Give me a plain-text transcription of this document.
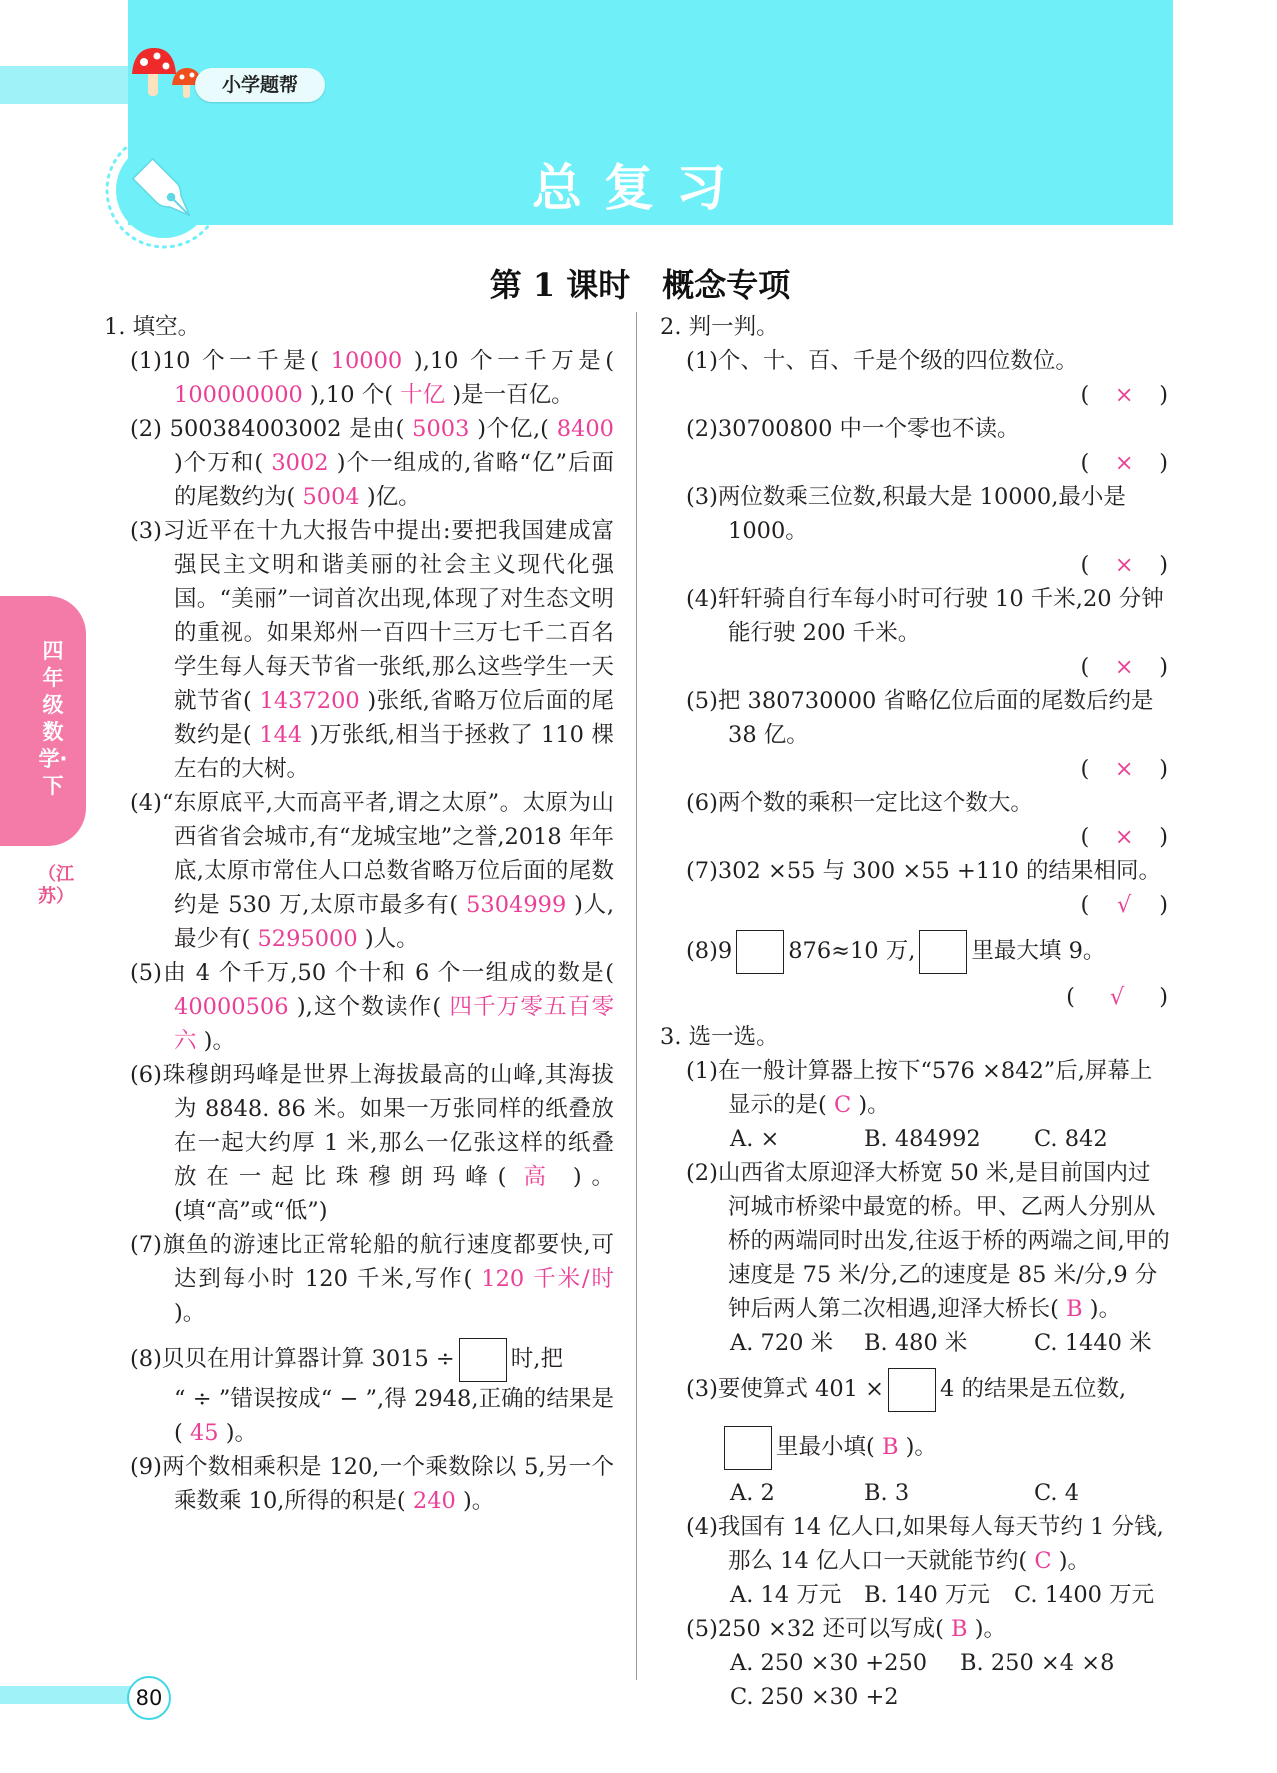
小学题帮
总复习
四年级数学·下
（江苏）
第 1 课时　概念专项

1. 填空。

(1)10 个一千是( 10000 ),10 个一千万是( 100000000 ),10 个( 十亿 )是一百亿。

(2) 500384003002 是由( 5003 )个亿,( 8400 )个万和( 3002 )个一组成的,省略“亿”后面的尾数约为( 5004 )亿。

(3)习近平在十九大报告中提出:要把我国建成富强民主文明和谐美丽的社会主义现代化强国。“美丽”一词首次出现,体现了对生态文明的重视。如果郑州一百四十三万七千二百名学生每人每天节省一张纸,那么这些学生一天就节省( 1437200 )张纸,省略万位后面的尾数约是( 144 )万张纸,相当于拯救了 110 棵左右的大树。

(4)“东原底平,大而高平者,谓之太原”。太原为山西省省会城市,有“龙城宝地”之誉,2018 年年底,太原市常住人口总数省略万位后面的尾数约是 530 万,太原市最多有( 5304999 )人,最少有( 5295000 )人。

(5)由 4 个千万,50 个十和 6 个一组成的数是( 40000506 ),这个数读作( 四千万零五百零六 )。

(6)珠穆朗玛峰是世界上海拔最高的山峰,其海拔为 8848. 86 米。如果一万张同样的纸叠放在一起大约厚 1 米,那么一亿张这样的纸叠放在一起比珠穆朗玛峰( 高 )。(填“高”或“低”)

(7)旗鱼的游速比正常轮船的航行速度都要快,可达到每小时 120 千米,写作( 120 千米/时 )。

(8)贝贝在用计算器计算 3015 ÷ 时,把

“ ÷ ”错误按成“ − ”,得 2948,正确的结果是( 45 )。

(9)两个数相乘积是 120,一个乘数除以 5,另一个乘数乘 10,所得的积是( 240 )。

2. 判一判。

(1)个、十、百、千是个级的四位数位。

( × )

(2)30700800 中一个零也不读。

( × )

(3)两位数乘三位数,积最大是 10000,最小是 1000。

( × )

(4)轩轩骑自行车每小时可行驶 10 千米,20 分钟能行驶 200 千米。

( × )

(5)把 380730000 省略亿位后面的尾数后约是 38 亿。

( × )

(6)两个数的乘积一定比这个数大。

( × )

(7)302 ×55 与 300 ×55 +110 的结果相同。

( √ )

(8)9 876≈10 万, 里最大填 9。

( √ )

3. 选一选。

(1)在一般计算器上按下“576 ×842”后,屏幕上显示的是( C )。

A. ×	B. 484992 C. 842

(2)山西省太原迎泽大桥宽 50 米,是目前国内过河城市桥梁中最宽的桥。甲、乙两人分别从桥的两端同时出发,往返于桥的两端之间,甲的速度是 75 米/分,乙的速度是 85 米/分,9 分钟后两人第二次相遇,迎泽大桥长( B )。

A. 720 米 B. 480 米	C. 1440 米

(3)要使算式 401 × 4 的结果是五位数,

里最小填( B )。

A. 2	B. 3	C. 4

(4)我国有 14 亿人口,如果每人每天节约 1 分钱,那么 14 亿人口一天就能节约( C )。

A. 14 万元 B. 140 万元 C. 1400 万元

(5)250 ×32 还可以写成( B )。

A. 250 ×30 +250 B. 250 ×4 ×8

C. 250 ×30 +2

80
